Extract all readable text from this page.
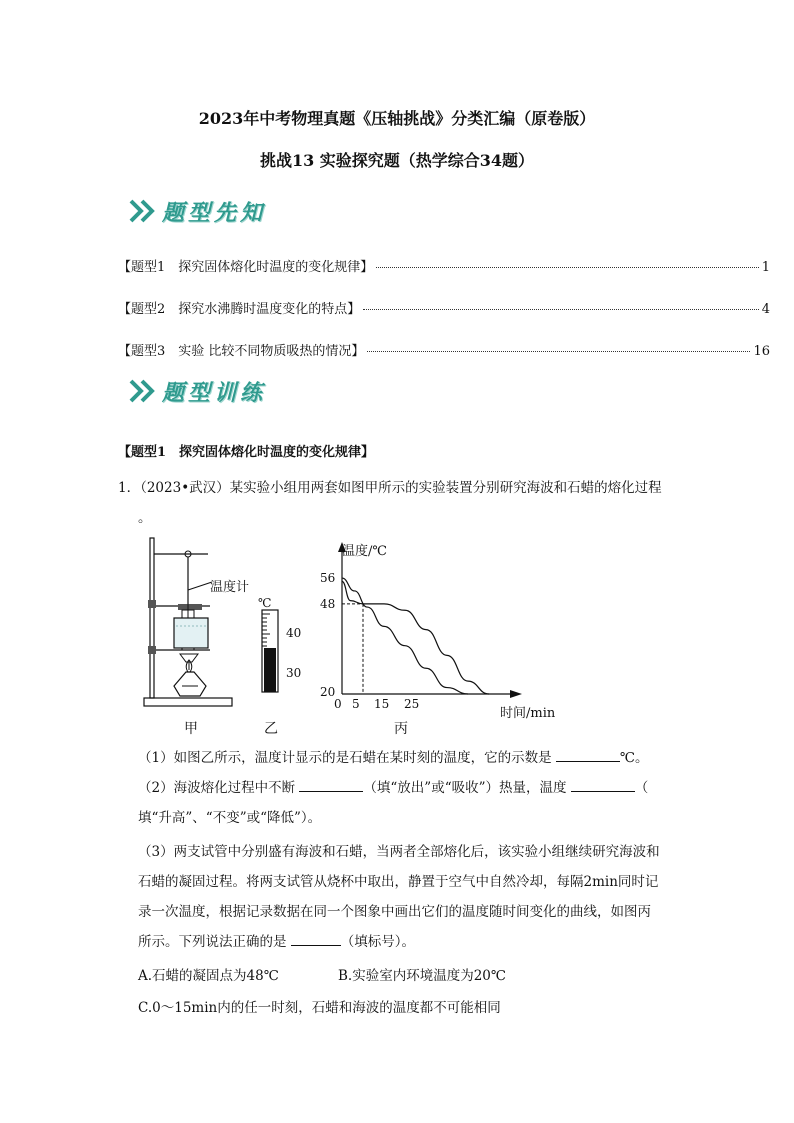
2023年中考物理真题《压轴挑战》分类汇编（原卷版）
挑战13 实验探究题（热学综合34题）
题型先知
【题型1　探究固体熔化时温度的变化规律】	1
【题型2　探究水沸腾时温度变化的特点】	4
【题型3　实验 比较不同物质吸热的情况】	16
题型训练
【题型1　探究固体熔化时温度的变化规律】
1．（2023•武汉）某实验小组用两套如图甲所示的实验装置分别研究海波和石蜡的熔化过程
。
温度计
℃
40
30
温度/℃
56
48
20
0 5 15 25
时间/min
甲	乙	丙
（1）如图乙所示，温度计显示的是石蜡在某时刻的温度，它的示数是	℃。
（2）海波熔化过程中不断	（填“放出”或“吸收”）热量，温度	（
填“升高”、“不变”或“降低”）。
（3）两支试管中分别盛有海波和石蜡，当两者全部熔化后，该实验小组继续研究海波和
石蜡的凝固过程。将两支试管从烧杯中取出，静置于空气中自然冷却，每隔2min同时记
录一次温度，根据记录数据在同一个图象中画出它们的温度随时间变化的曲线，如图丙
所示。下列说法正确的是	（填标号）。
A.石蜡的凝固点为48℃	B.实验室内环境温度为20℃
C.0～15min内的任一时刻，石蜡和海波的温度都不可能相同
